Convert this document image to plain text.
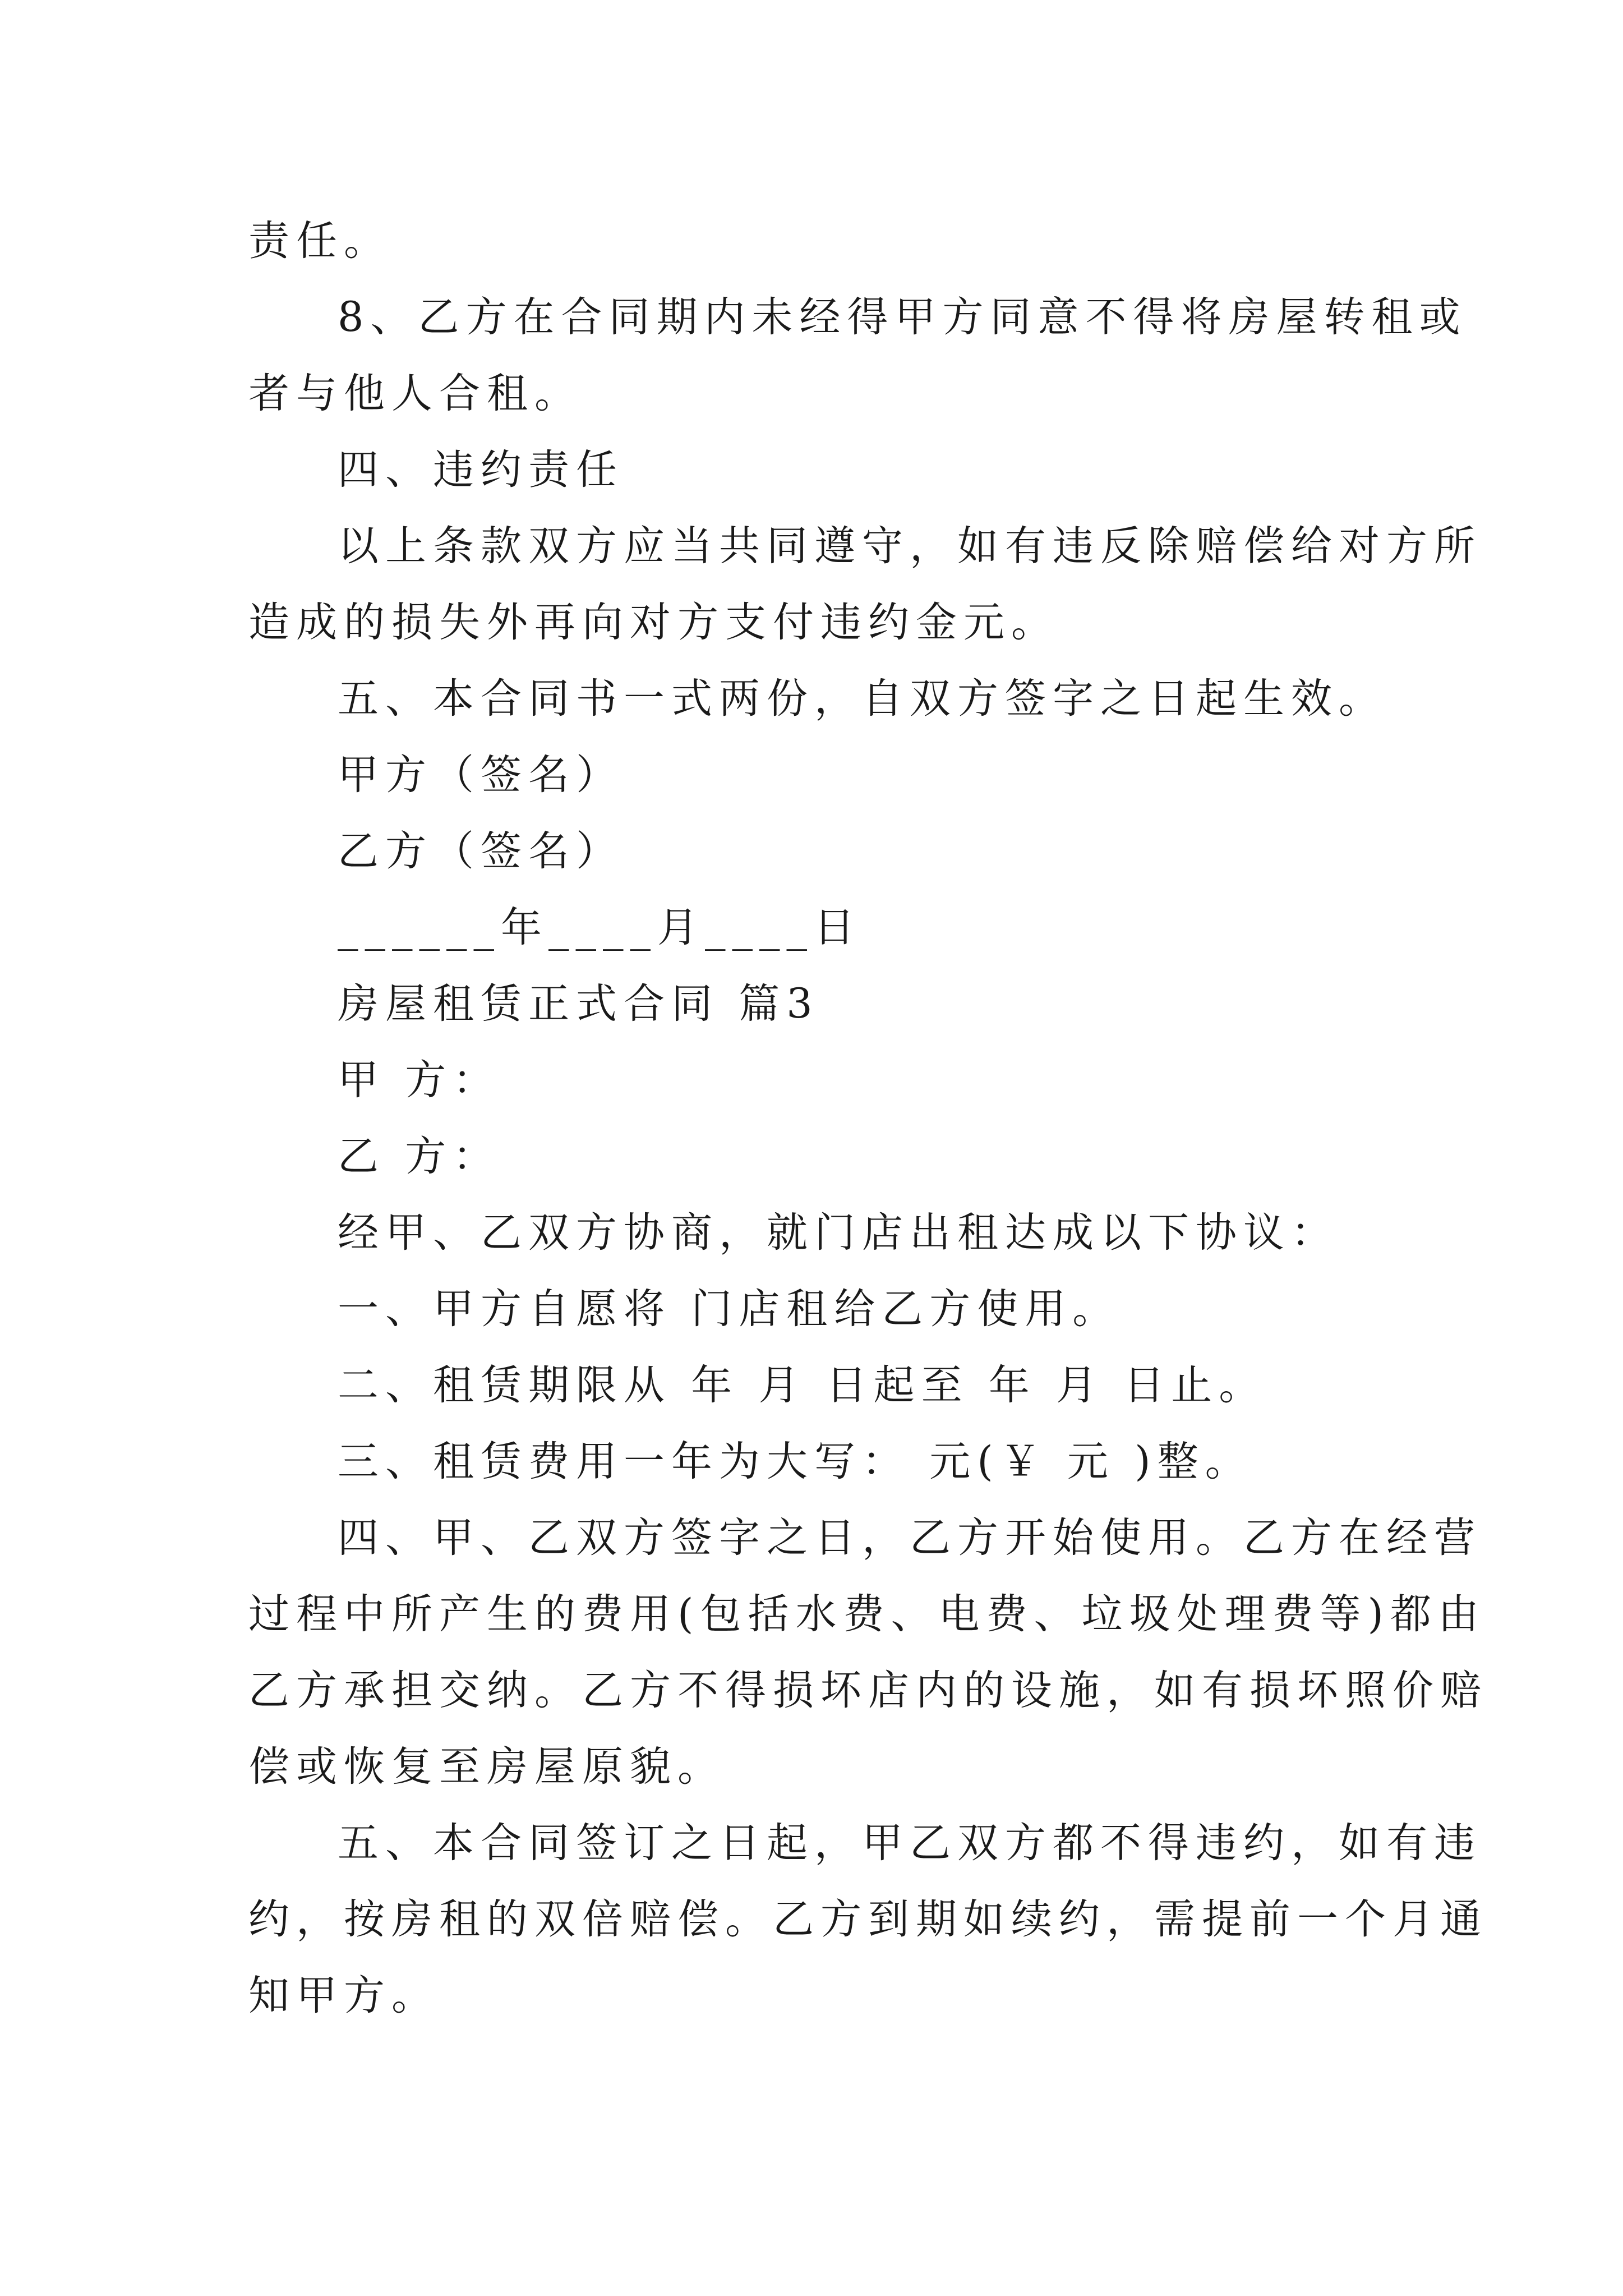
责任。
8、乙方在合同期内未经得甲方同意不得将房屋转租或
者与他人合租。
四、违约责任
以上条款双方应当共同遵守，如有违反除赔偿给对方所
造成的损失外再向对方支付违约金元。
五、本合同书一式两份，自双方签字之日起生效。
甲方（签名）
乙方（签名）
______年____月____日
房屋租赁正式合同 篇3
甲 方：
乙 方：
经甲、乙双方协商，就门店出租达成以下协议：
一、甲方自愿将 门店租给乙方使用。
二、租赁期限从 年 月 日起至 年 月 日止。
三、租赁费用一年为大写： 元(￥ 元 )整。
四、甲、乙双方签字之日，乙方开始使用。乙方在经营
过程中所产生的费用(包括水费、电费、垃圾处理费等)都由
乙方承担交纳。乙方不得损坏店内的设施，如有损坏照价赔
偿或恢复至房屋原貌。
五、本合同签订之日起，甲乙双方都不得违约，如有违
约，按房租的双倍赔偿。乙方到期如续约，需提前一个月通
知甲方。
